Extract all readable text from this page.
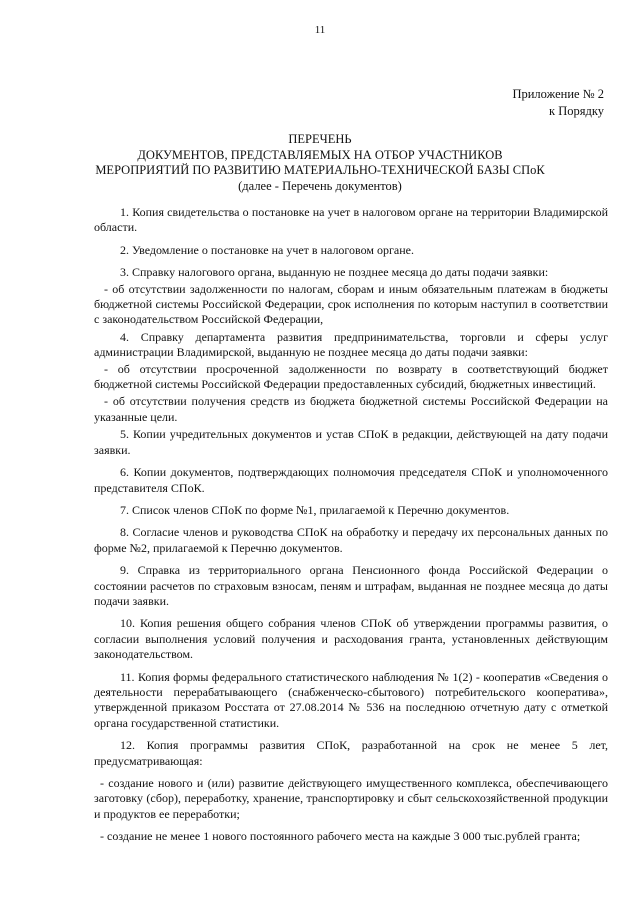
11
Приложение № 2
к Порядку
ПЕРЕЧЕНЬ
ДОКУМЕНТОВ, ПРЕДСТАВЛЯЕМЫХ НА ОТБОР УЧАСТНИКОВ
МЕРОПРИЯТИЙ ПО РАЗВИТИЮ МАТЕРИАЛЬНО-ТЕХНИЧЕСКОЙ БАЗЫ СПоК
(далее - Перечень документов)

1. Копия свидетельства о постановке на учет в налоговом органе на территории Владимирской области.

2. Уведомление о постановке на учет в налоговом органе.

3. Справку налогового органа, выданную не позднее месяца до даты подачи заявки:

- об отсутствии задолженности по налогам, сборам и иным обязательным платежам в бюджеты бюджетной системы Российской Федерации, срок исполнения по которым наступил в соответствии с законодательством Российской Федерации,

4. Справку департамента развития предпринимательства, торговли и сферы услуг администрации Владимирской, выданную не позднее месяца до даты подачи заявки:

- об отсутствии просроченной задолженности по возврату в соответствующий бюджет бюджетной системы Российской Федерации предоставленных субсидий, бюджетных инвестиций.

- об отсутствии получения средств из бюджета бюджетной системы Российской Федерации на указанные цели.

5. Копии учредительных документов и устав СПоК в редакции, действующей на дату подачи заявки.

6. Копии документов, подтверждающих полномочия председателя СПоК и уполномоченного представителя СПоК.

7. Список членов СПоК по форме №1, прилагаемой к Перечню документов.

8. Согласие членов и руководства СПоК на обработку и передачу их персональных данных по форме №2, прилагаемой к Перечню документов.

9. Справка из территориального органа Пенсионного фонда Российской Федерации о состоянии расчетов по страховым взносам, пеням и штрафам, выданная не позднее месяца до даты подачи заявки.

10. Копия решения общего собрания членов СПоК об утверждении программы развития, о согласии выполнения условий получения и расходования гранта, установленных действующим законодательством.

11. Копия формы федерального статистического наблюдения № 1(2) - кооператив «Сведения о деятельности перерабатывающего (снабженческо-сбытового) потребительского кооператива», утвержденной приказом Росстата от 27.08.2014 № 536 на последнюю отчетную дату с отметкой органа государственной статистики.

12. Копия программы развития СПоК, разработанной на срок не менее 5 лет, предусматривающая:

- создание нового и (или) развитие действующего имущественного комплекса, обеспечивающего заготовку (сбор), переработку, хранение, транспортировку и сбыт сельскохозяйственной продукции и продуктов ее переработки;

- создание не менее 1 нового постоянного рабочего места на каждые 3 000 тыс.рублей гранта;
